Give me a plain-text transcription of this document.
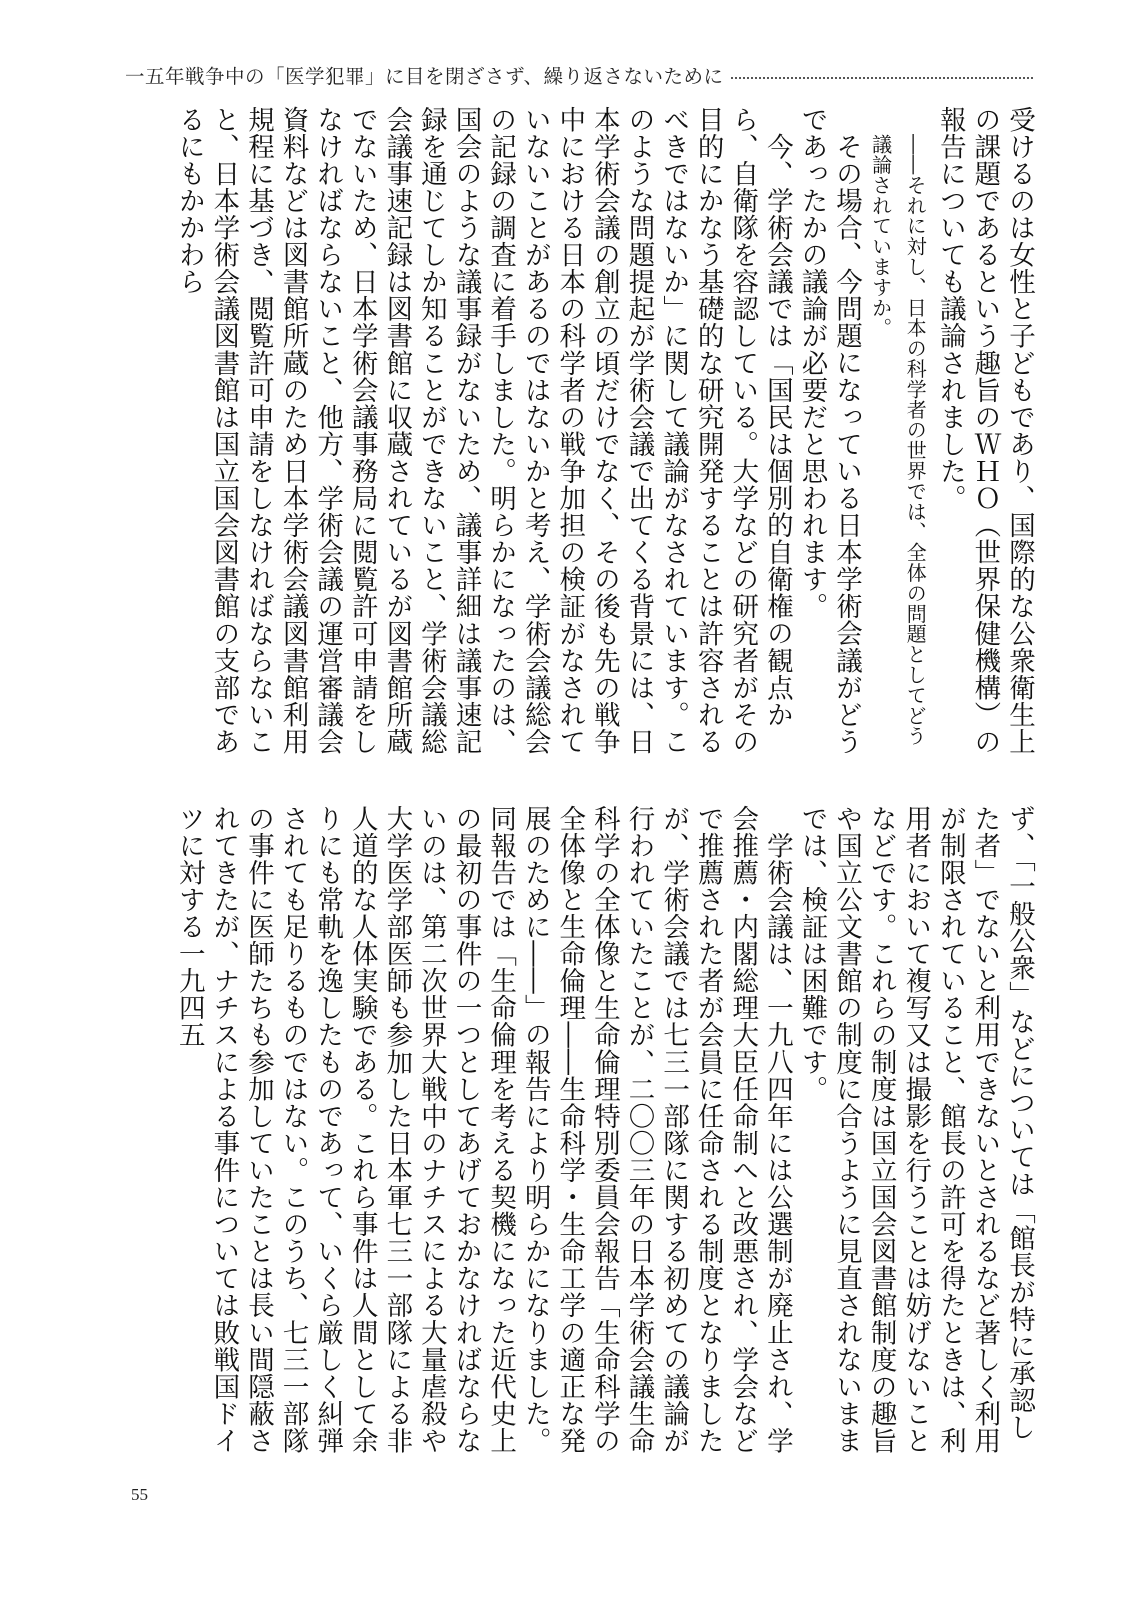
一五年戦争中の「医学犯罪」に目を閉ざさず、繰り返さないために

受けるのは女性と子どもであり、国際的な公衆衛生上の課題であるという趣旨のＷＨＯ（世界保健機構）の報告についても議論されました。

――それに対し、日本の科学者の世界では、全体の問題としてどう議論されていますか。

その場合、今問題になっている日本学術会議がどうであったかの議論が必要だと思われます。

今、学術会議では「国民は個別的自衛権の観点から、自衛隊を容認している。大学などの研究者がその目的にかなう基礎的な研究開発することは許容されるべきではないか」に関して議論がなされています。このような問題提起が学術会議で出てくる背景には、日本学術会議の創立の頃だけでなく、その後も先の戦争中における日本の科学者の戦争加担の検証がなされていないことがあるのではないかと考え、学術会議総会の記録の調査に着手しました。明らかになったのは、国会のような議事録がないため、議事詳細は議事速記録を通じてしか知ることができないこと、学術会議総会議事速記録は図書館に収蔵されているが図書館所蔵でないため、日本学術会議事務局に閲覧許可申請をしなければならないこと、他方、学術会議の運営審議会資料などは図書館所蔵のため日本学術会議図書館利用規程に基づき、閲覧許可申請をしなければならないこと、日本学術会議図書館は国立国会図書館の支部であるにもかかわら

ず、「一般公衆」などについては「館長が特に承認した者」でないと利用できないとされるなど著しく利用が制限されていること、館長の許可を得たときは、利用者において複写又は撮影を行うことは妨げないことなどです。これらの制度は国立国会図書館制度の趣旨や国立公文書館の制度に合うように見直されないままでは、検証は困難です。

学術会議は、一九八四年には公選制が廃止され、学会推薦・内閣総理大臣任命制へと改悪され、学会などで推薦された者が会員に任命される制度となりましたが、学術会議では七三一部隊に関する初めての議論が行われていたことが、二〇〇三年の日本学術会議生命科学の全体像と生命倫理特別委員会報告「生命科学の全体像と生命倫理――生命科学・生命工学の適正な発展のために――」の報告により明らかになりました。同報告では「生命倫理を考える契機になった近代史上の最初の事件の一つとしてあげておかなければならないのは、第二次世界大戦中のナチスによる大量虐殺や大学医学部医師も参加した日本軍七三一部隊による非人道的な人体実験である。これら事件は人間として余りにも常軌を逸したものであって、いくら厳しく糾弾されても足りるものではない。このうち、七三一部隊の事件に医師たちも参加していたことは長い間隠蔽されてきたが、ナチスによる事件については敗戦国ドイツに対する一九四五

55
